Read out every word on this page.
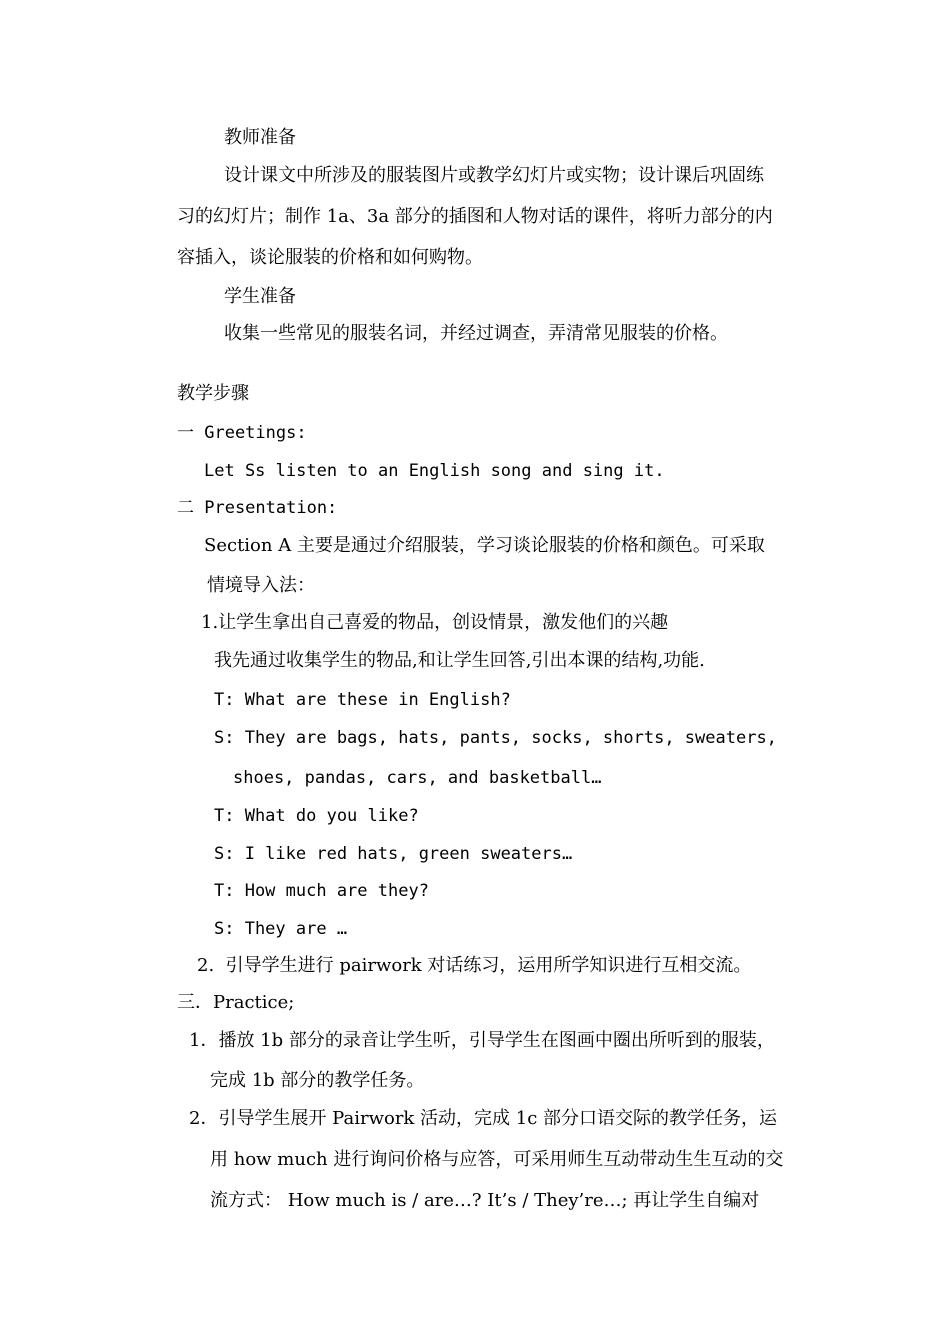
教师准备

设计课文中所涉及的服装图片或教学幻灯片或实物；设计课后巩固练

习的幻灯片；制作 1a、3a 部分的插图和人物对话的课件，将听力部分的内

容插入，谈论服装的价格和如何购物。

学生准备

收集一些常见的服装名词，并经过调查，弄清常见服装的价格。

教学步骤

一 Greetings:

Let Ss listen to an English song and sing it.

二 Presentation:

Section A 主要是通过介绍服装，学习谈论服装的价格和颜色。可采取

情境导入法：

1.让学生拿出自己喜爱的物品，创设情景，激发他们的兴趣

我先通过收集学生的物品,和让学生回答,引出本课的结构,功能.

T: What are these in English?

S: They are bags, hats, pants, socks, shorts, sweaters,

shoes, pandas, cars, and basketball…

T: What do you like?

S: I like red hats, green sweaters…

T: How much are they?

S: They are …

2.  引导学生进行 pairwork 对话练习，运用所学知识进行互相交流。

三．Practice;

1．播放 1b 部分的录音让学生听，引导学生在图画中圈出所听到的服装，

完成 1b 部分的教学任务。

2．引导学生展开 Pairwork 活动，完成 1c 部分口语交际的教学任务，运

用 how much 进行询问价格与应答，可采用师生互动带动生生互动的交

流方式： How much is / are…? It’s / They’re…; 再让学生自编对
